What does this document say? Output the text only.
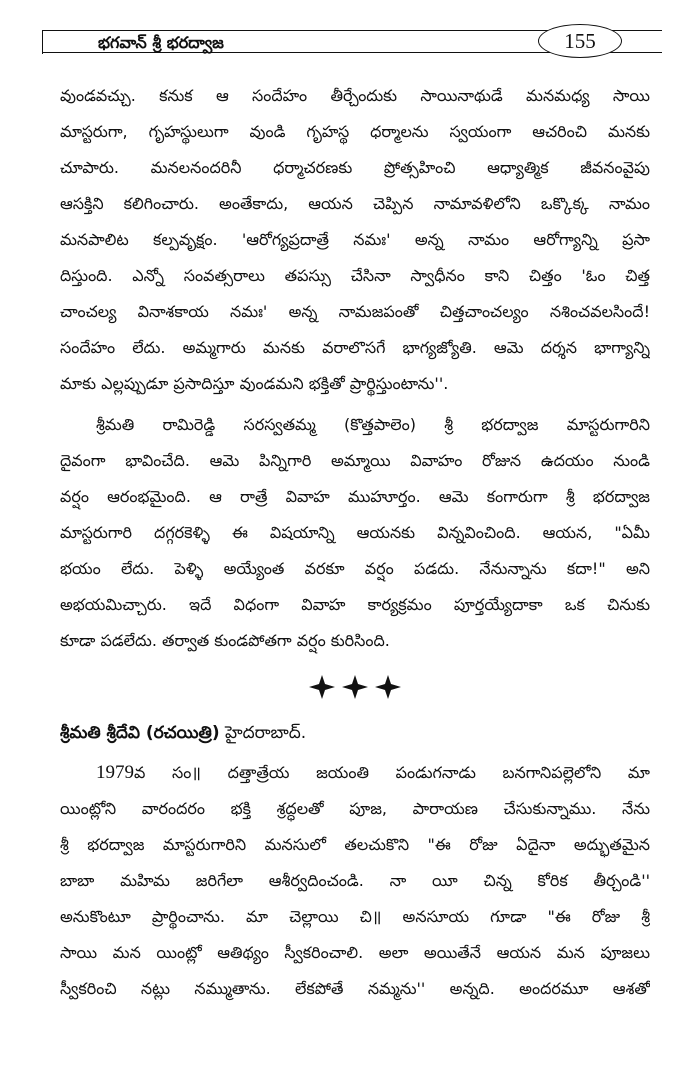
భగవాన్ శ్రీ భరద్వాజ	155
వుండవచ్చు. కనుక ఆ సందేహం తీర్చేందుకు సాయినాథుడే మనమధ్య సాయి
మాస్టరుగా, గృహస్థులుగా వుండి గృహస్థ ధర్మాలను స్వయంగా ఆచరించి మనకు
చూపారు. మనలనందరినీ ధర్మాచరణకు ప్రోత్సహించి ఆధ్యాత్మిక జీవనంవైపు
ఆసక్తిని కలిగించారు. అంతేకాదు, ఆయన చెప్పిన నామావళిలోని ఒక్కొక్క నామం
మనపాలిట కల్పవృక్షం. 'ఆరోగ్యప్రదాత్రే నమః' అన్న నామం ఆరోగ్యాన్ని ప్రసా
దిస్తుంది. ఎన్నో సంవత్సరాలు తపస్సు చేసినా స్వాధీనం కాని చిత్తం 'ఓం చిత్త
చాంచల్య వినాశకాయ నమః' అన్న నామజపంతో చిత్తచాంచల్యం నశించవలసిందే!
సందేహం లేదు. అమ్మగారు మనకు వరాలొసగే భాగ్యజ్యోతి. ఆమె దర్శన భాగ్యాన్ని
మాకు ఎల్లప్పుడూ ప్రసాదిస్తూ వుండమని భక్తితో ప్రార్థిస్తుంటాను''.
శ్రీమతి రామిరెడ్డి సరస్వతమ్మ (కొత్తపాలెం) శ్రీ భరద్వాజ మాస్టరుగారిని
దైవంగా భావించేది. ఆమె పిన్నిగారి అమ్మాయి వివాహం రోజున ఉదయం నుండి
వర్షం ఆరంభమైంది. ఆ రాత్రే వివాహ ముహూర్తం. ఆమె కంగారుగా శ్రీ భరద్వాజ
మాస్టరుగారి దగ్గరకెళ్ళి ఈ విషయాన్ని ఆయనకు విన్నవించింది. ఆయన, "ఏమీ
భయం లేదు. పెళ్ళి అయ్యేంత వరకూ వర్షం పడదు. నేనున్నాను కదా!" అని
అభయమిచ్చారు. ఇదే విధంగా వివాహ కార్యక్రమం పూర్తయ్యేదాకా ఒక చినుకు
కూడా పడలేదు. తర్వాత కుండపోతగా వర్షం కురిసింది.
శ్రీమతి శ్రీదేవి (రచయిత్రి) హైదరాబాద్.
1979వ సం॥ దత్తాత్రేయ జయంతి పండుగనాడు బనగానిపల్లెలోని మా
యింట్లోని వారందరం భక్తి శ్రద్ధలతో పూజ, పారాయణ చేసుకున్నాము. నేను
శ్రీ భరద్వాజ మాస్టరుగారిని మనసులో తలచుకొని "ఈ రోజు ఏదైనా అద్భుతమైన
బాబా మహిమ జరిగేలా ఆశీర్వదించండి. నా యీ చిన్న కోరిక తీర్చండి''
అనుకొంటూ ప్రార్థించాను. మా చెల్లాయి చి॥ అనసూయ గూడా "ఈ రోజు శ్రీ
సాయి మన యింట్లో ఆతిథ్యం స్వీకరించాలి. అలా అయితేనే ఆయన మన పూజలు
స్వీకరించి నట్లు నమ్ముతాను. లేకపోతే నమ్మను'' అన్నది. అందరమూ ఆశతో
